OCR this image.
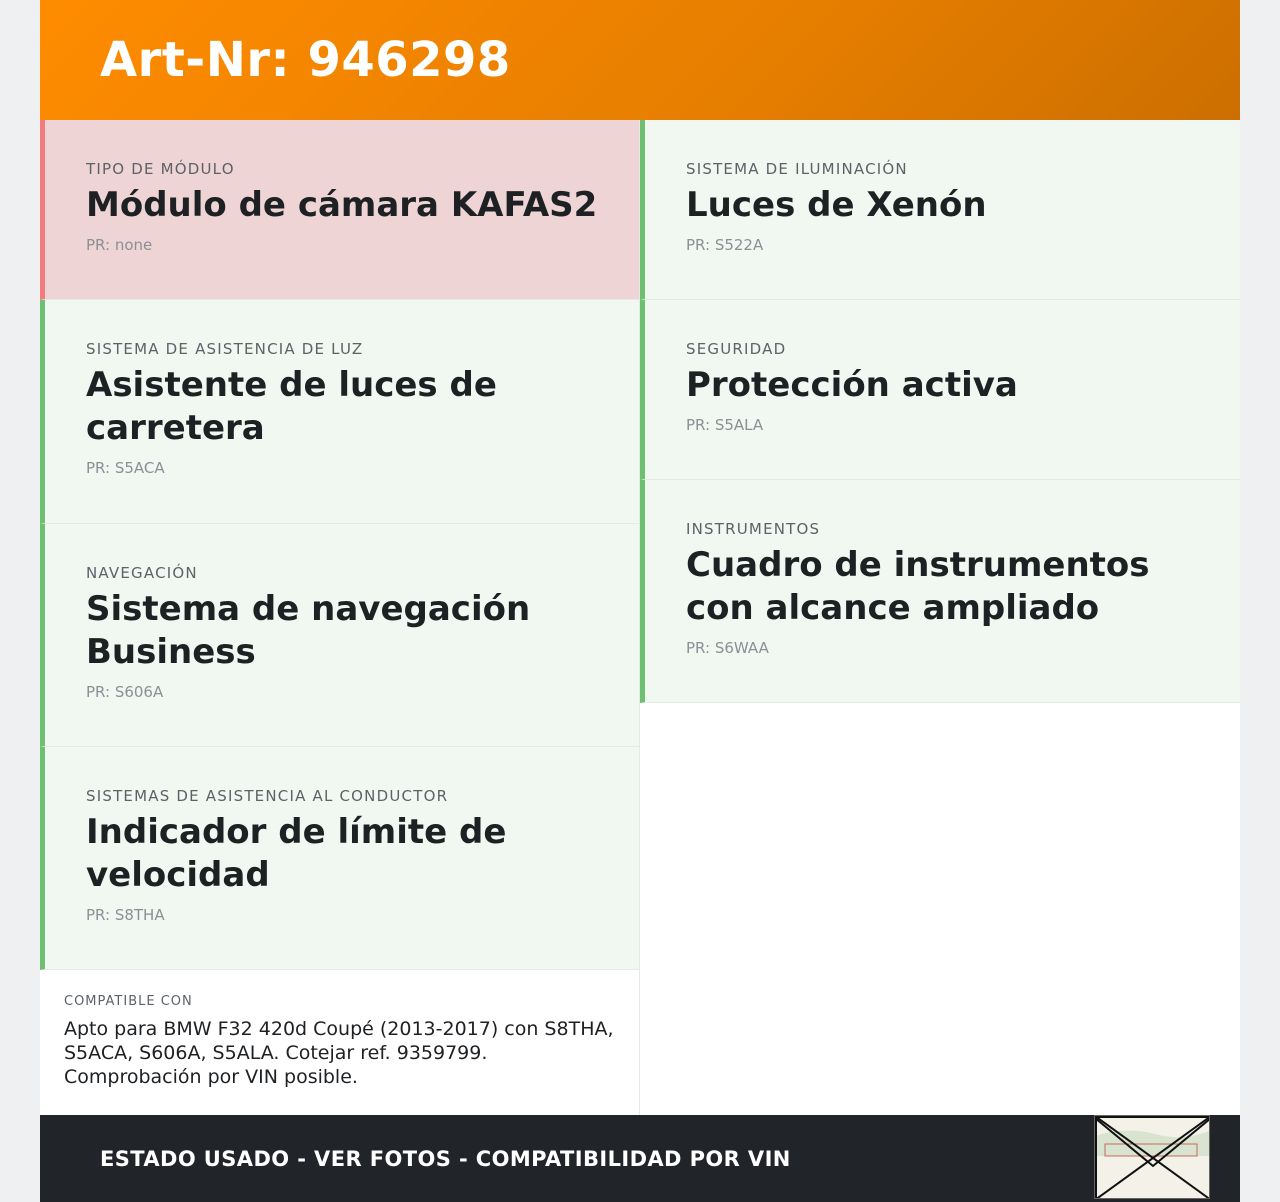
Art-Nr: 946298
TIPO DE MÓDULO
Módulo de cámara KAFAS2
PR: none
SISTEMA DE ASISTENCIA DE LUZ
Asistente de luces de carretera
PR: S5ACA
NAVEGACIÓN
Sistema de navegación Business
PR: S606A
SISTEMAS DE ASISTENCIA AL CONDUCTOR
Indicador de límite de velocidad
PR: S8THA
COMPATIBLE CON

Apto para BMW F32 420d Coupé (2013-2017) con S8THA, S5ACA, S606A, S5ALA. Cotejar ref. 9359799. Comprobación por VIN posible.

SISTEMA DE ILUMINACIÓN
Luces de Xenón
PR: S522A
SEGURIDAD
Protección activa
PR: S5ALA
INSTRUMENTOS
Cuadro de instrumentos con alcance ampliado
PR: S6WAA
ESTADO USADO - VER FOTOS - COMPATIBILIDAD POR VIN
